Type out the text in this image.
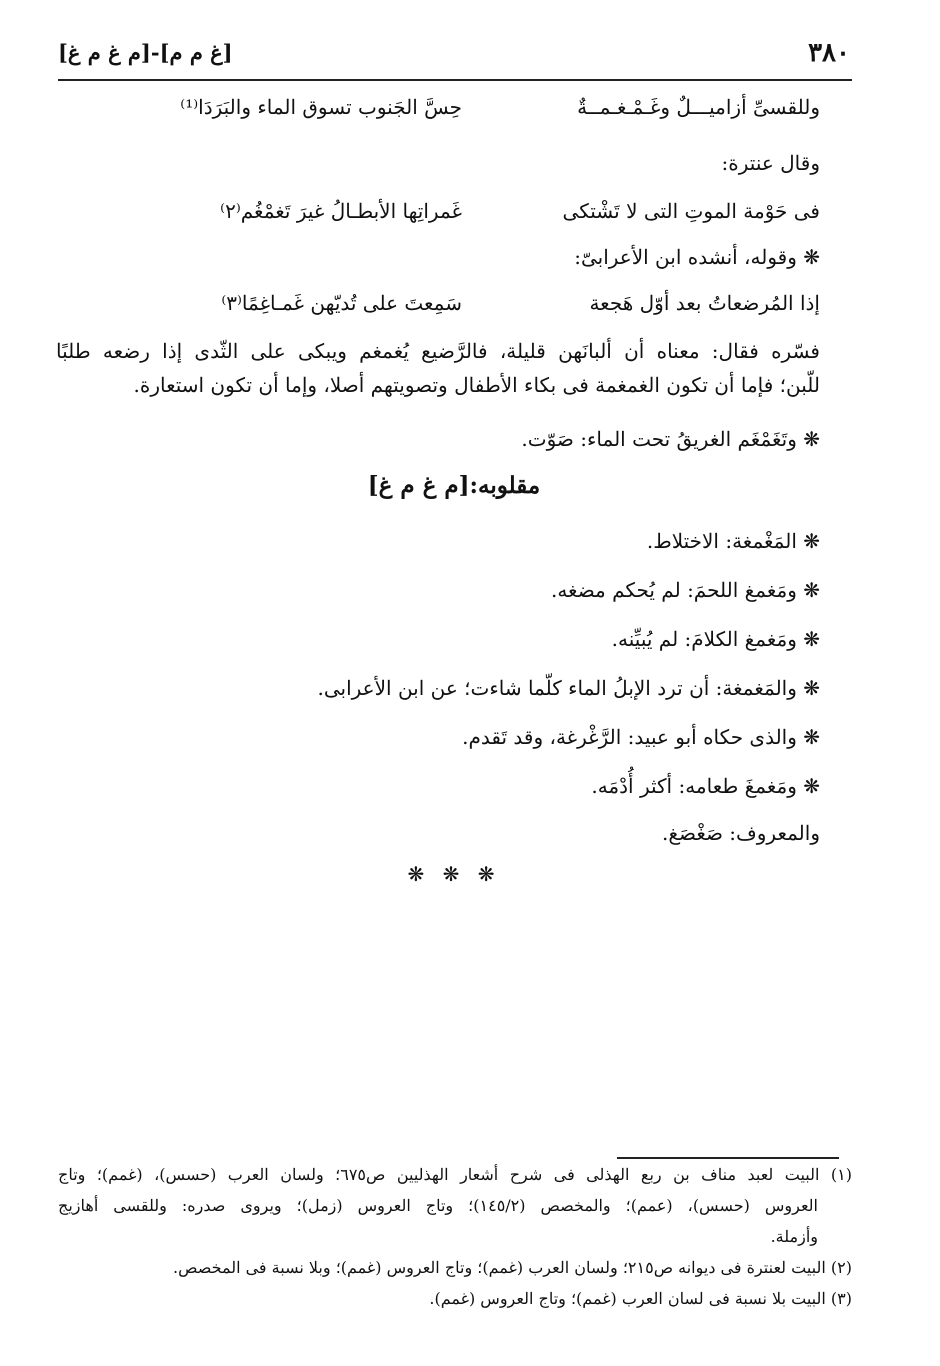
٣٨٠
[غ م م]-[م غ م غ]
وللقسىِّ أزاميـــلٌ وغَـمْـغـمــةٌ
حِسَّ الجَنوب تسوق الماء والبَرَدَا⁽¹⁾
وقال عنترة:
فى حَوْمة الموتِ التى لا تَشْتكى
غَمراتِها الأبطـالُ غيرَ تَغمْغُم⁽٢⁾
❋ وقوله، أنشده ابن الأعرابىّ:
إذا المُرضعاتُ بعد أوّل هَجعة
سَمِعتَ على تُديّهن غَمـاغِمًا⁽٣⁾
فسّره فقال: معناه أن ألبانَهن قليلة، فالرَّضيع يُغمغم ويبكى على الثّدى إذا رضعه طلبًا
للّبن؛ فإما أن تكون الغمغمة فى بكاء الأطفال وتصويتهم أصلا، وإما أن تكون استعارة.
❋ وتَغَمْغَم الغريقُ تحت الماء: صَوّت.
مقلوبه:[م غ م غ]
❋ المَغْمغة: الاختلاط.
❋ ومَغمغ اللحمَ: لم يُحكم مضغه.
❋ ومَغمغ الكلامَ: لم يُبيِّنه.
❋ والمَغمغة: أن ترد الإبلُ الماء كلّما شاءت؛ عن ابن الأعرابى.
❋ والذى حكاه أبو عبيد: الرَّغْرغة، وقد تَقدم.
❋ ومَغمغَ طعامه: أكثر أُدْمَه.
والمعروف: صَغْصَغ.
❋ ❋ ❋
(١) البيت لعبد مناف بن ربع الهذلى فى شرح أشعار الهذليين ص٦٧٥؛ ولسان العرب (حسس)، (غمم)؛ وتاج
العروس (حسس)، (عمم)؛ والمخصص (١٤٥/٢)؛ وتاج العروس (زمل)؛ ويروى صدره: وللقسى أهازيج
وأزملة.
(٢) البيت لعنترة فى ديوانه ص٢١٥؛ ولسان العرب (غمم)؛ وتاج العروس (غمم)؛ وبلا نسبة فى المخصص.
(٣) البيت بلا نسبة فى لسان العرب (غمم)؛ وتاج العروس (غمم).
